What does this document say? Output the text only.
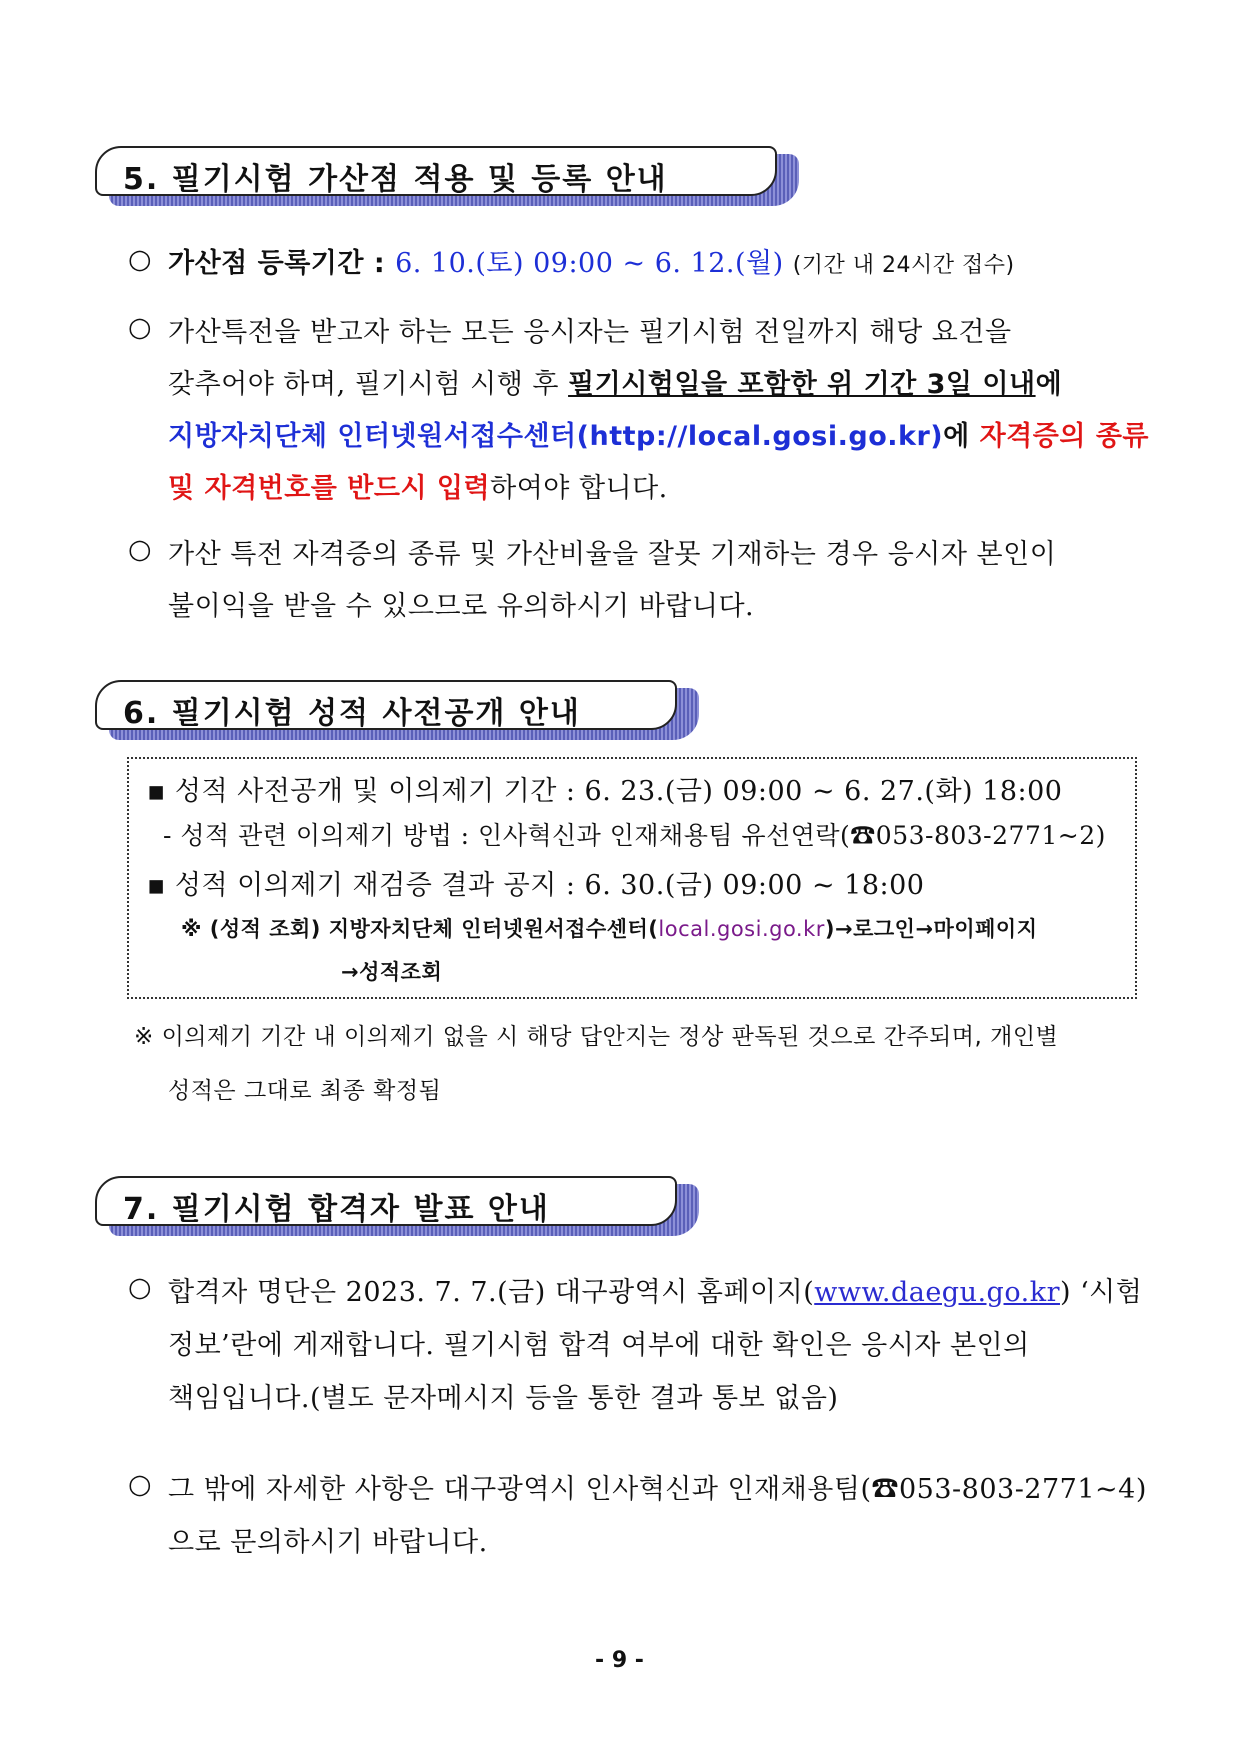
5. 필기시험 가산점 적용 및 등록 안내
○ 가산점 등록기간 : 6. 10.(토) 09:00 ~ 6. 12.(월) (기간 내 24시간 접수)
○ 가산특전을 받고자 하는 모든 응시자는 필기시험 전일까지 해당 요건을
갖추어야 하며, 필기시험 시행 후 필기시험일을 포함한 위 기간 3일 이내에
지방자치단체 인터넷원서접수센터(http://local.gosi.go.kr)에 자격증의 종류
및 자격번호를 반드시 입력하여야 합니다.
○ 가산 특전 자격증의 종류 및 가산비율을 잘못 기재하는 경우 응시자 본인이
불이익을 받을 수 있으므로 유의하시기 바랍니다.
6. 필기시험 성적 사전공개 안내
▪ 성적 사전공개 및 이의제기 기간 : 6. 23.(금) 09:00 ~ 6. 27.(화) 18:00
- 성적 관련 이의제기 방법 : 인사혁신과 인재채용팀 유선연락(☎053-803-2771~2)
▪ 성적 이의제기 재검증 결과 공지 : 6. 30.(금) 09:00 ~ 18:00
※ (성적 조회) 지방자치단체 인터넷원서접수센터(local.gosi.go.kr)→로그인→마이페이지
→성적조회
※ 이의제기 기간 내 이의제기 없을 시 해당 답안지는 정상 판독된 것으로 간주되며, 개인별
성적은 그대로 최종 확정됨
7. 필기시험 합격자 발표 안내
○ 합격자 명단은 2023. 7. 7.(금) 대구광역시 홈페이지(www.daegu.go.kr) ‘시험
정보’란에 게재합니다. 필기시험 합격 여부에 대한 확인은 응시자 본인의
책임입니다.(별도 문자메시지 등을 통한 결과 통보 없음)
○ 그 밖에 자세한 사항은 대구광역시 인사혁신과 인재채용팀(☎053-803-2771~4)
으로 문의하시기 바랍니다.
- 9 -
